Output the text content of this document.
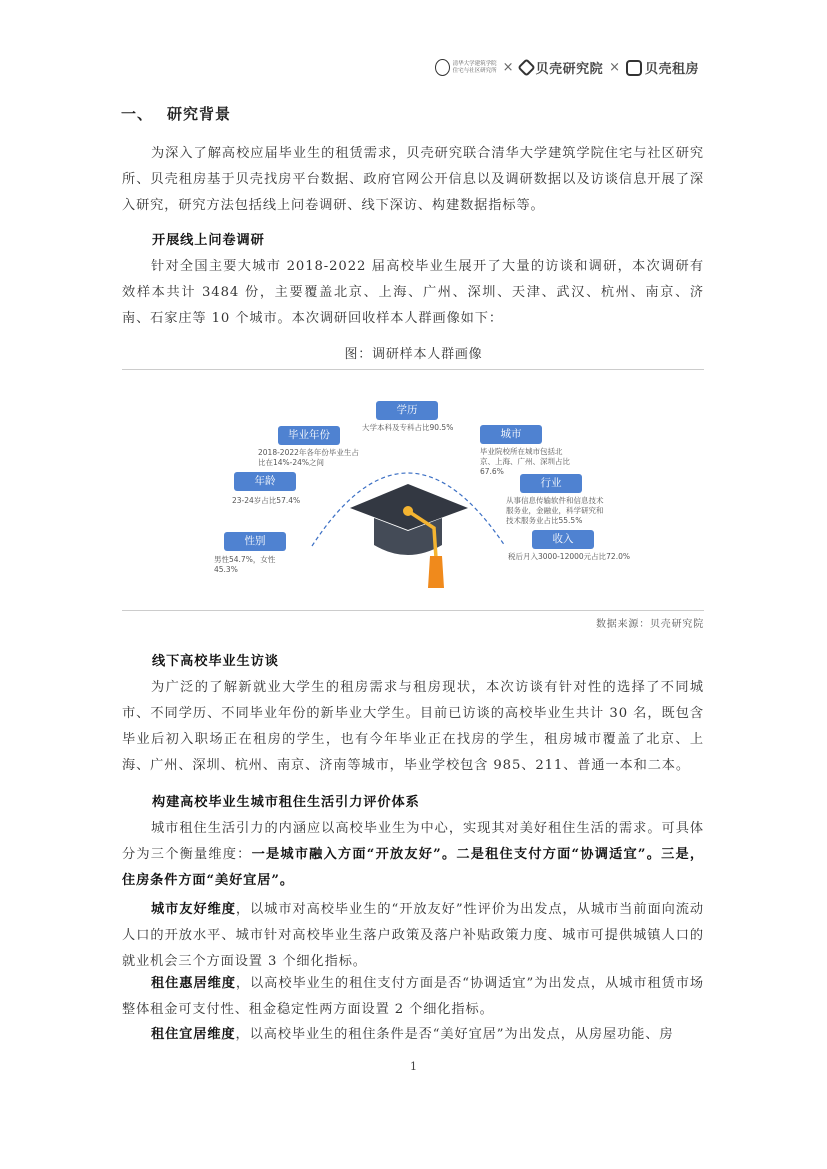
清华大学建筑学院
住宅与社区研究所 × 贝壳研究院 × 贝壳租房
一、 研究背景

为深入了解高校应届毕业生的租赁需求，贝壳研究联合清华大学建筑学院住宅与社区研究所、贝壳租房基于贝壳找房平台数据、政府官网公开信息以及调研数据以及访谈信息开展了深入研究，研究方法包括线上问卷调研、线下深访、构建数据指标等。

开展线上问卷调研

针对全国主要大城市 2018-2022 届高校毕业生展开了大量的访谈和调研，本次调研有效样本共计 3484 份，主要覆盖北京、上海、广州、深圳、天津、武汉、杭州、南京、济南、石家庄等 10 个城市。本次调研回收样本人群画像如下：

图：调研样本人群画像
学历
大学本科及专科占比90.5%
毕业年份
2018-2022年各年份毕业生占比在14%-24%之间
年龄
23-24岁占比57.4%
性别
男性54.7%，女性45.3%
城市
毕业院校所在城市包括北京、上海、广州、深圳占比67.6%
行业
从事信息传输软件和信息技术服务业，金融业，科学研究和技术服务业占比55.5%
收入
税后月入3000-12000元占比72.0%
数据来源：贝壳研究院

线下高校毕业生访谈

为广泛的了解新就业大学生的租房需求与租房现状，本次访谈有针对性的选择了不同城市、不同学历、不同毕业年份的新毕业大学生。目前已访谈的高校毕业生共计 30 名，既包含毕业后初入职场正在租房的学生，也有今年毕业正在找房的学生，租房城市覆盖了北京、上海、广州、深圳、杭州、南京、济南等城市，毕业学校包含 985、211、普通一本和二本。

构建高校毕业生城市租住生活引力评价体系

城市租住生活引力的内涵应以高校毕业生为中心，实现其对美好租住生活的需求。可具体分为三个衡量维度：一是城市融入方面“开放友好”。二是租住支付方面“协调适宜”。三是，住房条件方面“美好宜居”。

城市友好维度，以城市对高校毕业生的“开放友好”性评价为出发点，从城市当前面向流动人口的开放水平、城市针对高校毕业生落户政策及落户补贴政策力度、城市可提供城镇人口的就业机会三个方面设置 3 个细化指标。

租住惠居维度，以高校毕业生的租住支付方面是否“协调适宜”为出发点，从城市租赁市场整体租金可支付性、租金稳定性两方面设置 2 个细化指标。

租住宜居维度，以高校毕业生的租住条件是否“美好宜居”为出发点，从房屋功能、房

1
